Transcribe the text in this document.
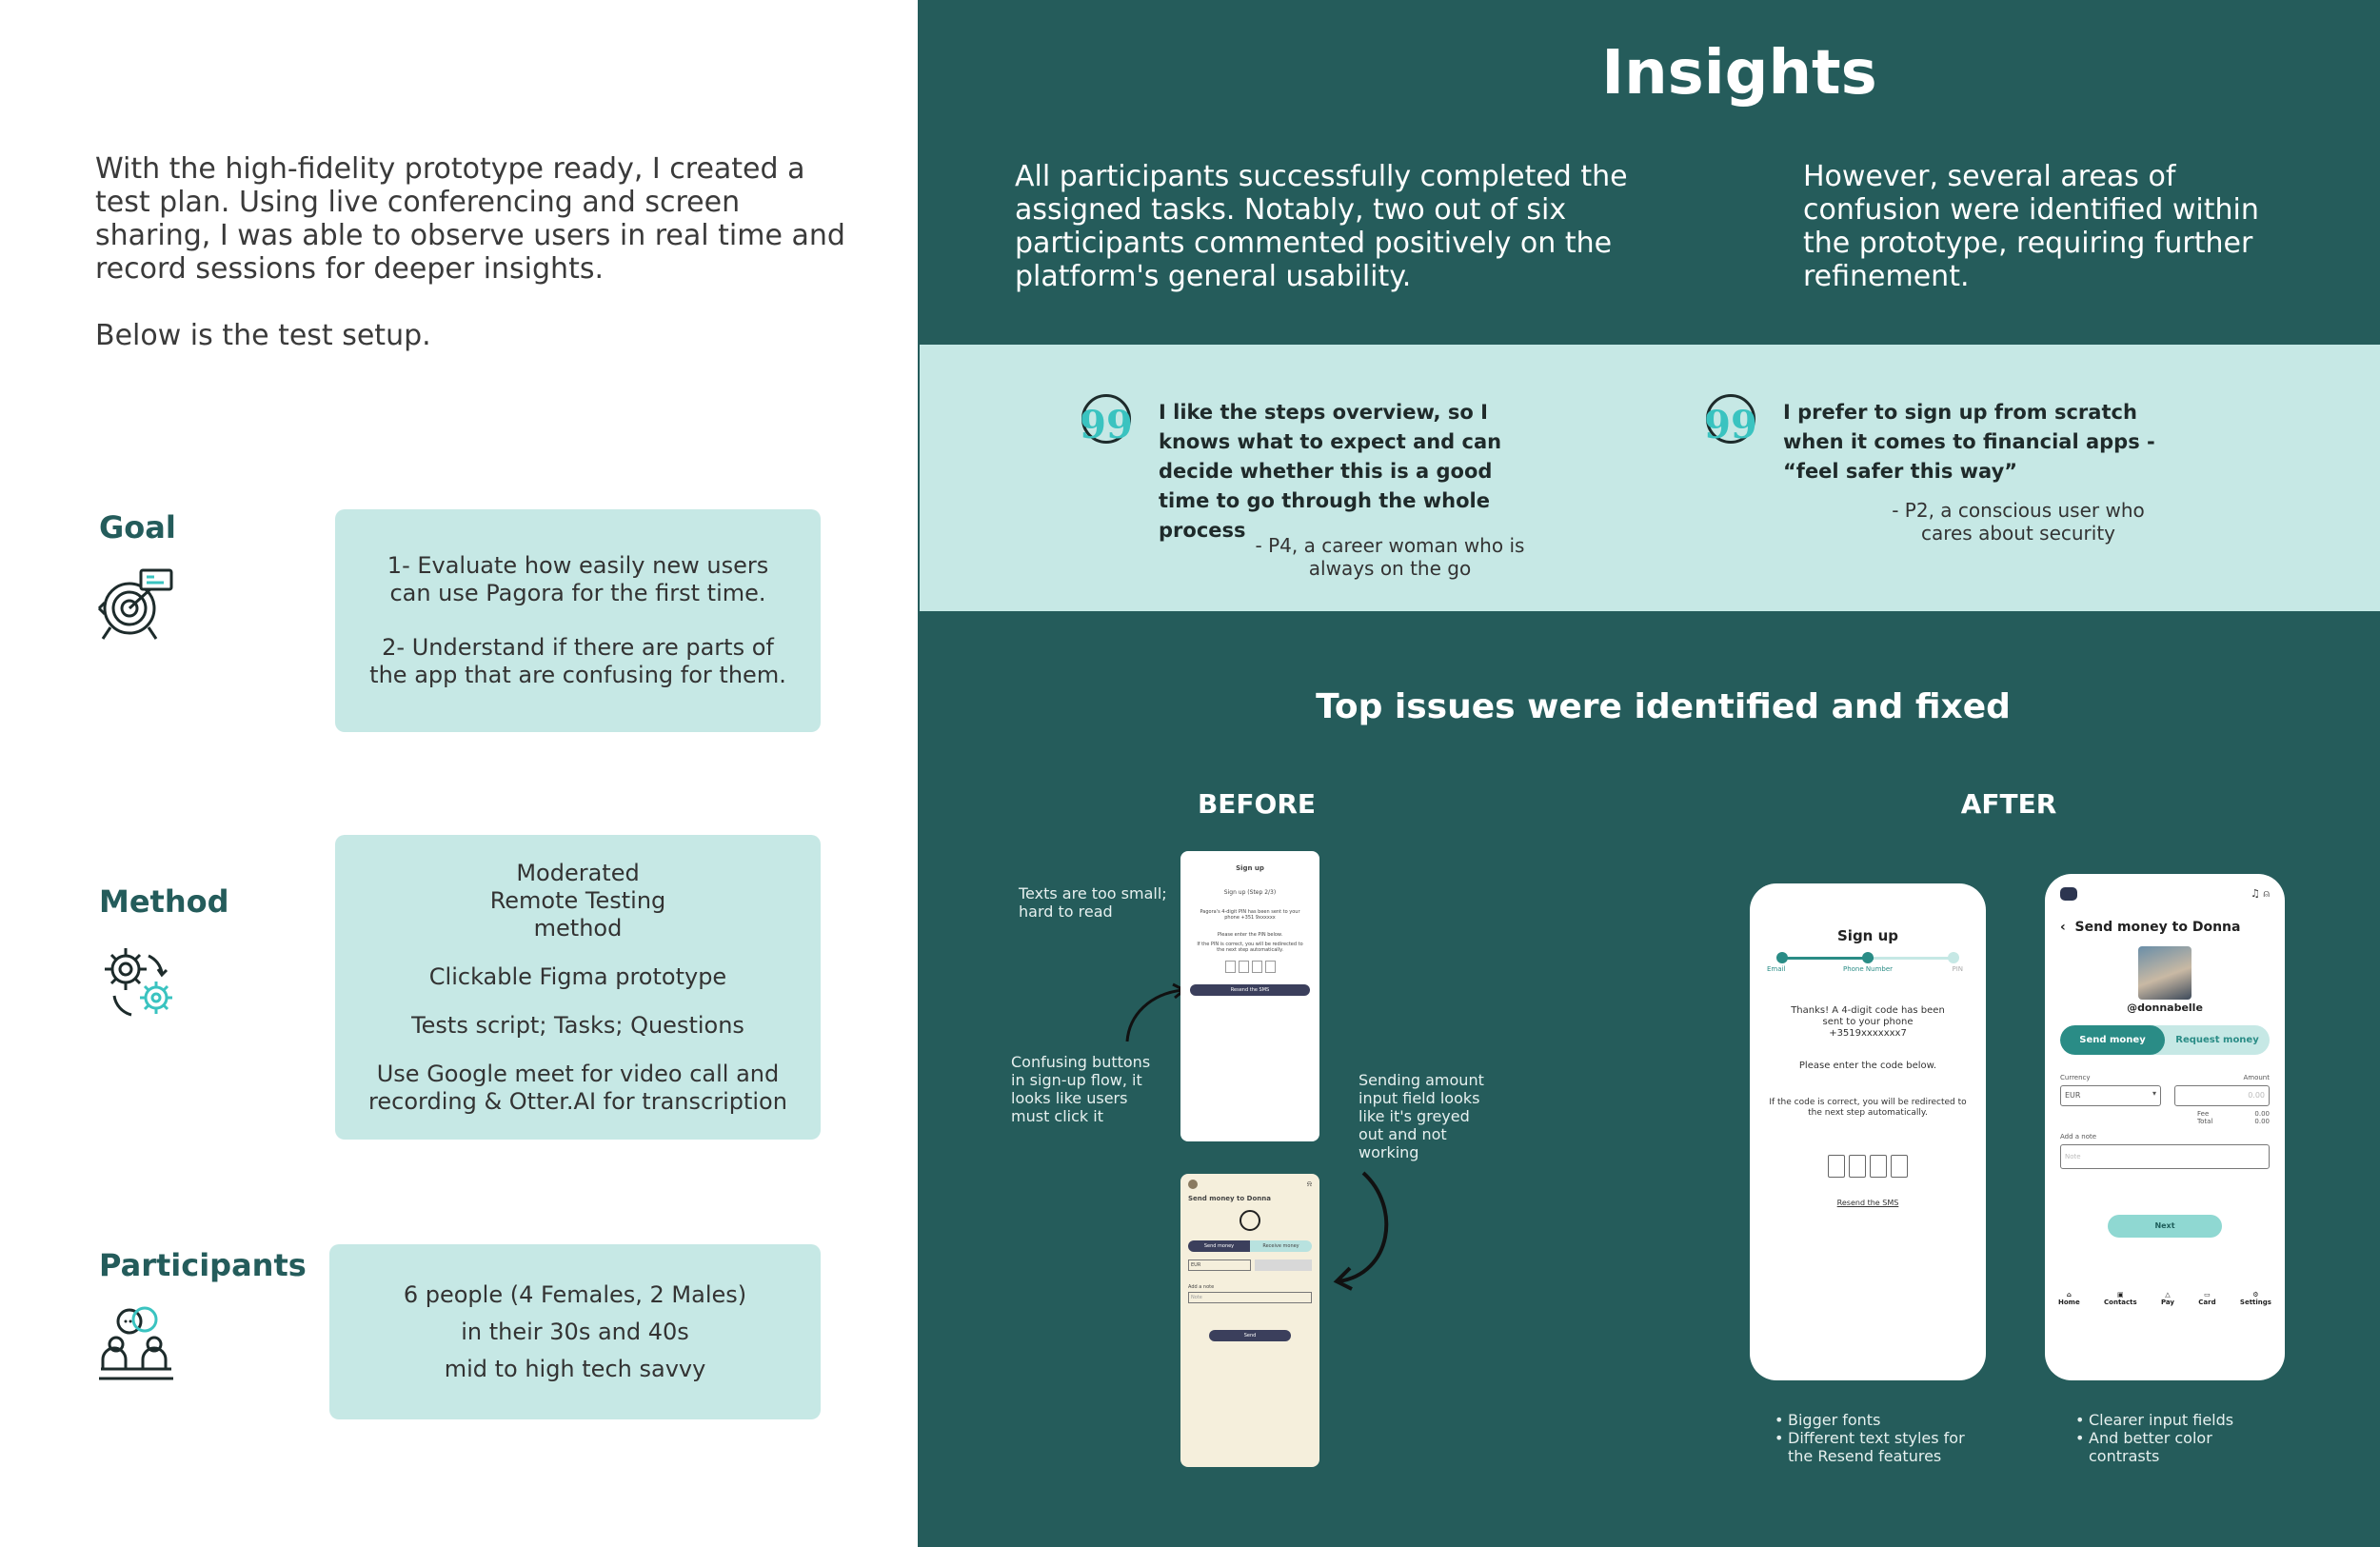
With the high-fidelity prototype ready, I created a test plan. Using live conferencing and screen sharing, I was able to observe users in real time and record sessions for deeper insights.

Below is the test setup.

Goal

1- Evaluate how easily new users can use Pagora for the first time.

2- Understand if there are parts of the app that are confusing for them.

Method

Moderated Remote Testing method

Clickable Figma prototype

Tests script; Tasks; Questions

Use Google meet for video call and recording & Otter.AI for transcription

Participants

6 people (4 Females, 2 Males)

in their 30s and 40s

mid to high tech savvy

Insights
All participants successfully completed the assigned tasks. Notably, two out of six participants commented positively on the platform's general usability.
However, several areas of confusion were identified within the prototype, requiring further refinement.
99 I like the steps overview, so I knows what to expect and can decide whether this is a good time to go through the whole process
- P4, a career woman who is always on the go
99 I prefer to sign up from scratch when it comes to financial apps - “feel safer this way”
- P2, a conscious user who cares about security
Top issues were identified and fixed
BEFORE	AFTER
Texts are too small; hard to read
Confusing buttons in sign-up flow, it looks like users must click it
Sending amount input field looks like it's greyed out and not working
Sign up
Sign up (Step 2/3)
Pagora's 4-digit PIN has been sent to your phone +351 9xxxxxx
Please enter the PIN below.
If the PIN is correct, you will be redirected to the next step automatically.
Resend the SMS
⍾
Send money to Donna
Send money	Receive money
EUR
Add a note
Note
Send
Sign up
Email	Phone Number	PIN
Thanks! A 4-digit code has been sent to your phone +3519xxxxxxx7
Please enter the code below.
If the code is correct, you will be redirected to the next step automatically.
Resend the SMS
♫ ⍝
‹ Send money to Donna
@donnabelle
Send money	Request money
Currency	Amount
EUR	▾	0.00
Fee	0.00
Total	0.00
Add a note
Note
Next
⌂
Home
▣
Contacts
△
Pay
▭
Card
⚙
Settings
• Bigger fonts
• Different text styles for the Resend features
• Clearer input fields
• And better color contrasts
